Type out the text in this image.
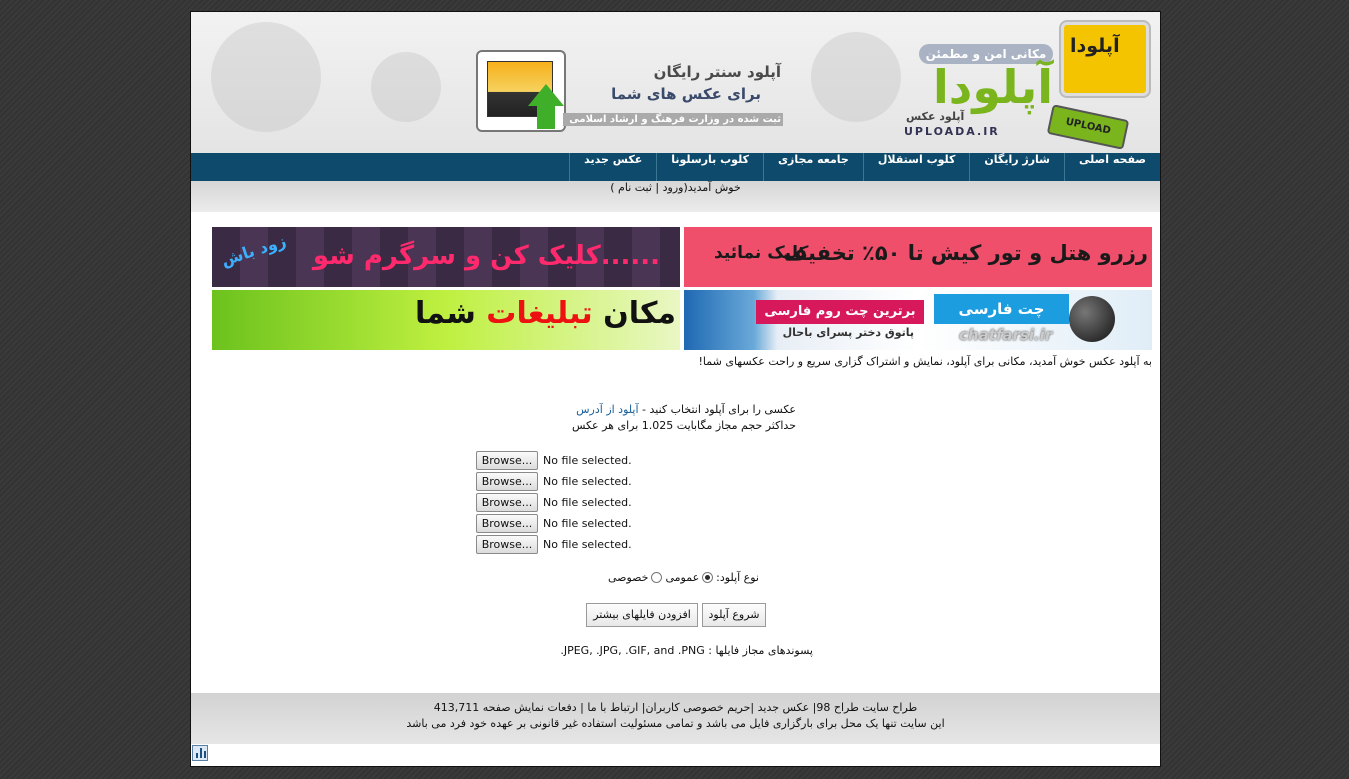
آپلود سنتر رایگان
برای عکس های شما
ثبت شده در وزارت فرهنگ و ارشاد اسلامی
مکانی امن و مطمئن
آپلودا
آپلود عکس
UPLOADA.IR
آپلودا
UPLOAD
صفحه اصلی
شارژ رایگان
کلوب استقلال
جامعه مجازی
کلوب بارسلونا
عکس جدید
خوش آمدید(ورود | ثبت نام )
زود باش کلیک کن و سرگرم شو......	کلیک نمائید
رزرو هتل و تور کیش تا ۵۰٪ تخفیف
مکان تبلیغات شما	برترین چت روم فارسی
پاتوق دختر پسرای باحال
چت فارسی
chatfarsi.ir
به آپلود عکس خوش آمدید، مکانی برای آپلود، نمایش و اشتراک گزاری سریع و راحت عکسهای شما!
عکسی را برای آپلود انتخاب کنید - آپلود از آدرس
حداکثر حجم مجاز مگابایت 1.025 برای هر عکس
Browse... No file selected.
Browse... No file selected.
Browse... No file selected.
Browse... No file selected.
Browse... No file selected.
نوع آپلود:
عمومی
خصوصی
شروع آپلود
افزودن فایلهای بیشتر
پسوندهای مجاز فایلها : .JPEG, .JPG, .GIF, and .PNG
طراح سایت طراح 98| عکس جدید |حریم خصوصی کاربران| ارتباط با ما | دفعات نمایش صفحه 413,711
این سایت تنها یک محل برای بارگزاری فایل می باشد و تمامی مسئولیت استفاده غیر قانونی بر عهده خود فرد می باشد
